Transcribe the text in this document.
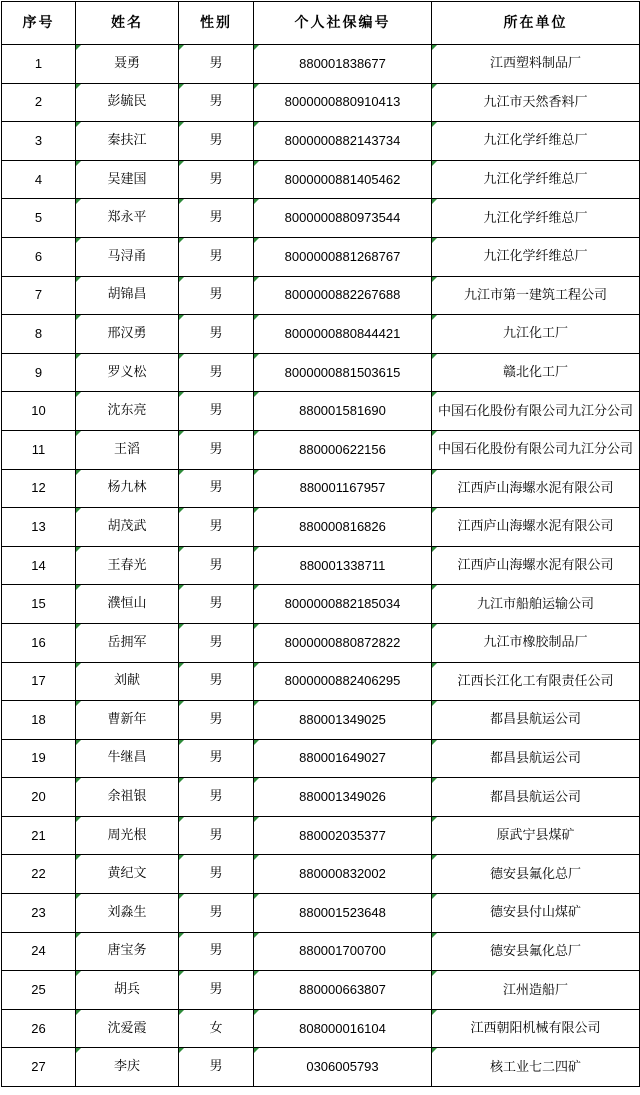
序号	姓名	性别	个人社保编号	所在单位
1	聂勇	男	880001838677	江西塑料制品厂

2	彭毓民	男	8000000880910413	九江市天然香料厂

3	秦扶江	男	8000000882143734	九江化学纤维总厂

4	吴建国	男	8000000881405462	九江化学纤维总厂

5	郑永平	男	8000000880973544	九江化学纤维总厂

6	马浔甬	男	8000000881268767	九江化学纤维总厂

7	胡锦昌	男	8000000882267688	九江市第一建筑工程公司

8	邢汉勇	男	8000000880844421	九江化工厂

9	罗义松	男	8000000881503615	赣北化工厂

10	沈东亮	男	880001581690	中国石化股份有限公司九江分公司

11	王滔	男	880000622156	中国石化股份有限公司九江分公司

12	杨九林	男	880001167957	江西庐山海螺水泥有限公司

13	胡茂武	男	880000816826	江西庐山海螺水泥有限公司

14	王春光	男	880001338711	江西庐山海螺水泥有限公司

15	濮恒山	男	8000000882185034	九江市船舶运输公司

16	岳拥军	男	8000000880872822	九江市橡胶制品厂

17	刘献	男	8000000882406295	江西长江化工有限责任公司

18	曹新年	男	880001349025	都昌县航运公司

19	牛继昌	男	880001649027	都昌县航运公司

20	余祖银	男	880001349026	都昌县航运公司

21	周光根	男	880002035377	原武宁县煤矿

22	黄纪文	男	880000832002	德安县氟化总厂

23	刘淼生	男	880001523648	德安县付山煤矿

24	唐宝务	男	880001700700	德安县氟化总厂

25	胡兵	男	880000663807	江州造船厂

26	沈爱霞	女	808000016104	江西朝阳机械有限公司

27	李庆	男	0306005793	核工业七二四矿
